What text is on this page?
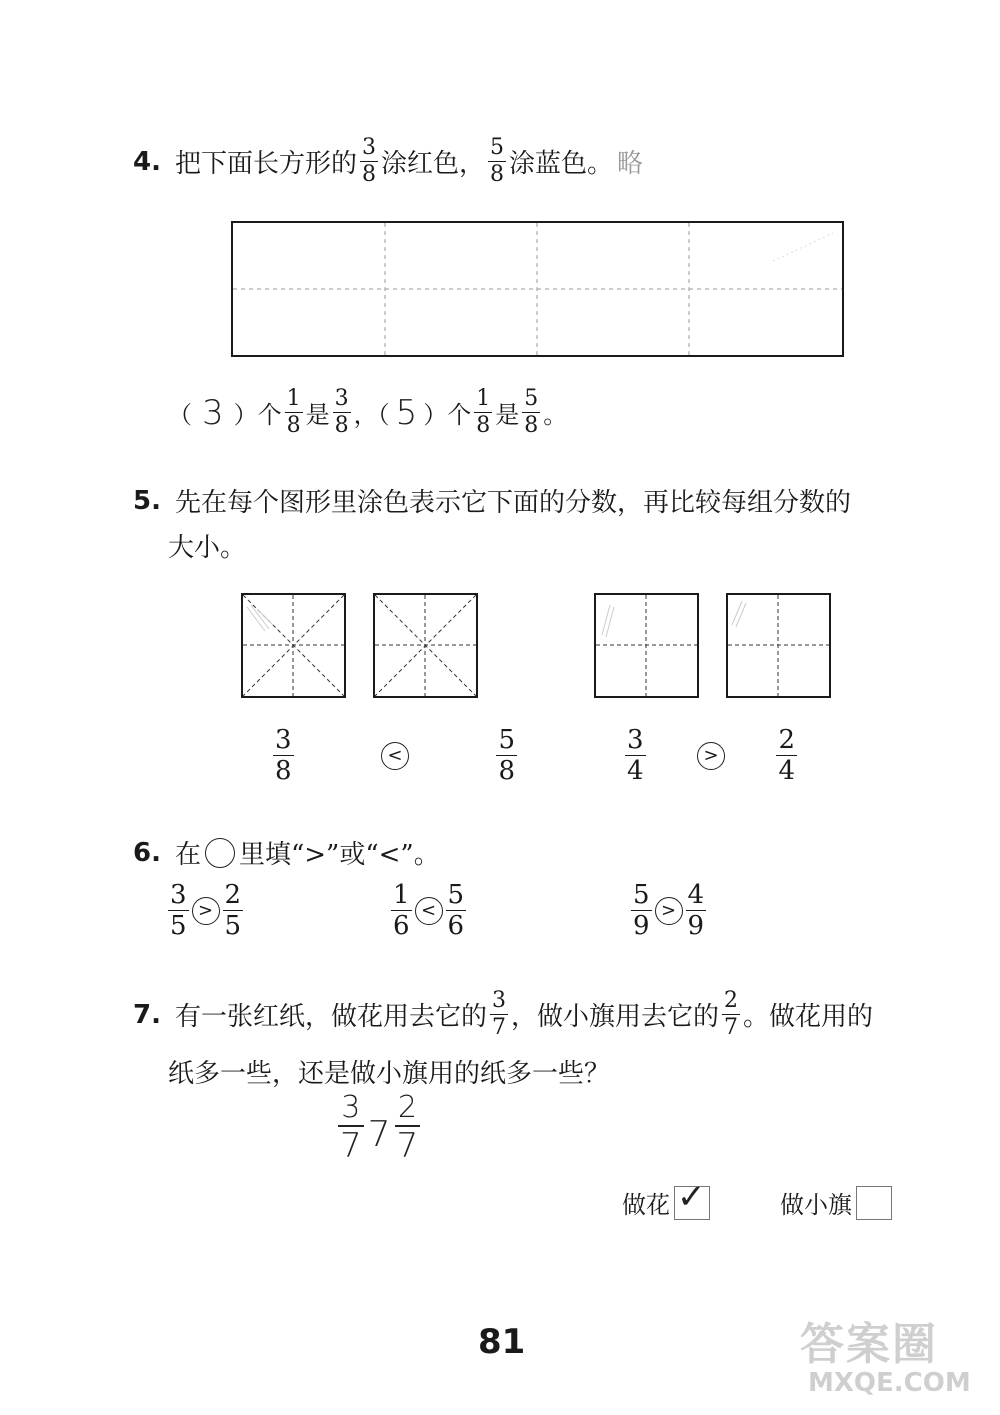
4. 把下面长方形的 $\frac{3}{8}$ 涂红色， $\frac{5}{8}$ 涂蓝色。 略
（ 3 ）个 $\frac{1}{8}$ 是 $\frac{3}{8}$ ，（ 5 ）个 $\frac{1}{8}$ 是 $\frac{5}{8}$ 。
5. 先在每个图形里涂色表示它下面的分数，再比较每组分数的
大小。
$\frac{3}{8}$	<	$\frac{5}{8}$	$\frac{3}{4}$	> $\frac{2}{4}$
6. 在 里填“>”或“<”。
$\frac{3}{5} > \frac{2}{5}$	$\frac{1}{6} < \frac{5}{6}$	$\frac{5}{9} > \frac{4}{9}$
7. 有一张红纸，做花用去它的 $\frac{3}{7}$ ，做小旗用去它的 $\frac{2}{7}$ 。做花用的
纸多一些，还是做小旗用的纸多一些？
$\frac{3}{7} 7 \frac{2}{7}$
做花 ✓	做小旗
81	答案圈
MXQE.COM
